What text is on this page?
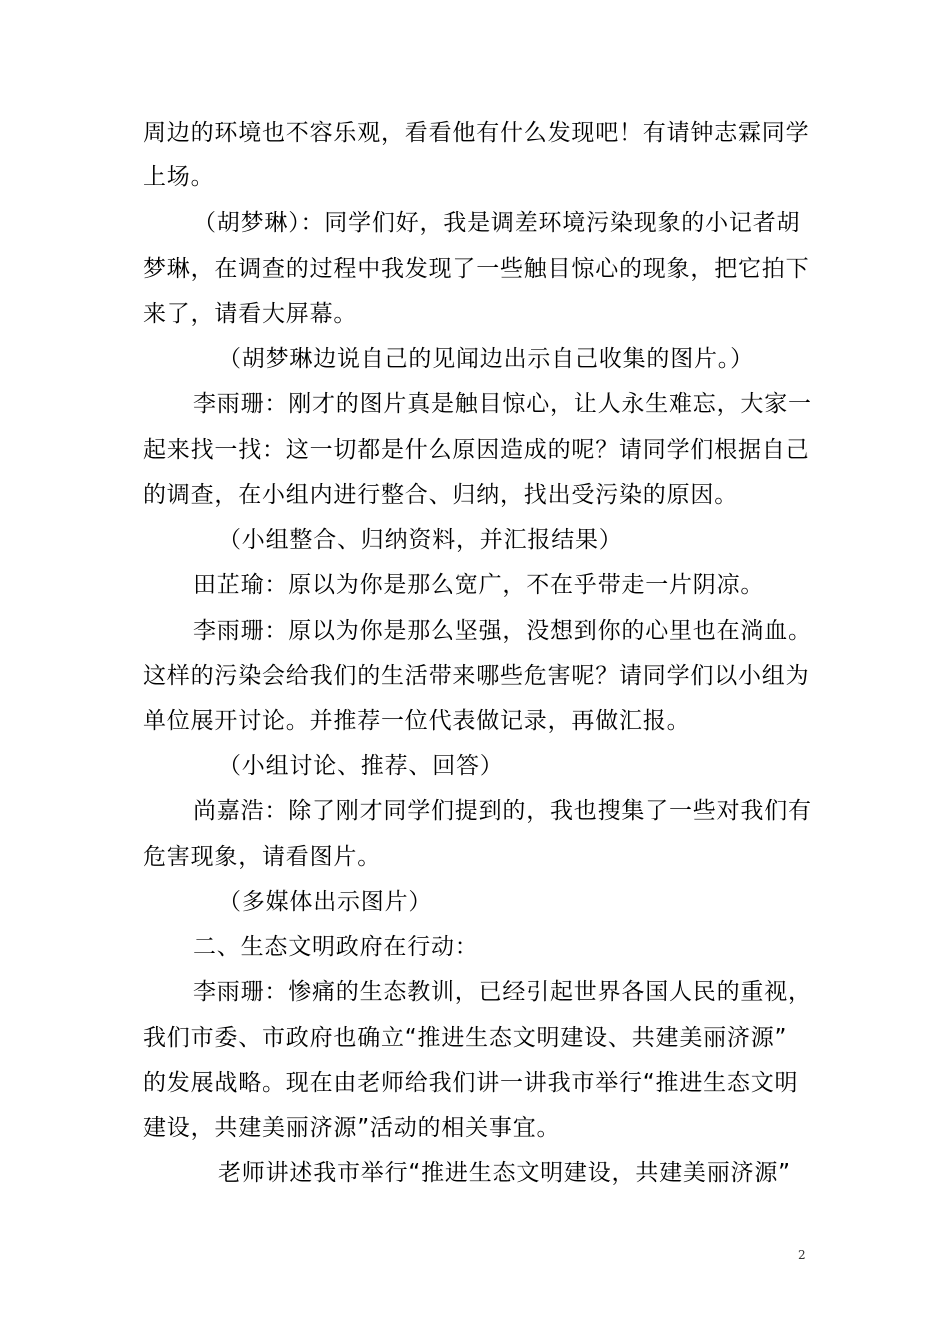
周边的环境也不容乐观，看看他有什么发现吧！有请钟志霖同学
上场。
（胡梦琳）：同学们好，我是调差环境污染现象的小记者胡
梦琳，在调查的过程中我发现了一些触目惊心的现象，把它拍下
来了，请看大屏幕。
（胡梦琳边说自己的见闻边出示自己收集的图片。）
李雨珊：刚才的图片真是触目惊心，让人永生难忘，大家一
起来找一找：这一切都是什么原因造成的呢？请同学们根据自己
的调查，在小组内进行整合、归纳，找出受污染的原因。
（小组整合、归纳资料，并汇报结果）
田芷瑜：原以为你是那么宽广，不在乎带走一片阴凉。
李雨珊：原以为你是那么坚强，没想到你的心里也在淌血。
这样的污染会给我们的生活带来哪些危害呢？请同学们以小组为
单位展开讨论。并推荐一位代表做记录，再做汇报。
（小组讨论、推荐、回答）
尚嘉浩：除了刚才同学们提到的，我也搜集了一些对我们有
危害现象，请看图片。
（多媒体出示图片）
二、生态文明政府在行动：
李雨珊：惨痛的生态教训，已经引起世界各国人民的重视，
我们市委、市政府也确立“推进生态文明建设、共建美丽济源”
的发展战略。现在由老师给我们讲一讲我市举行“推进生态文明
建设，共建美丽济源”活动的相关事宜。
老师讲述我市举行“推进生态文明建设，共建美丽济源”
2
